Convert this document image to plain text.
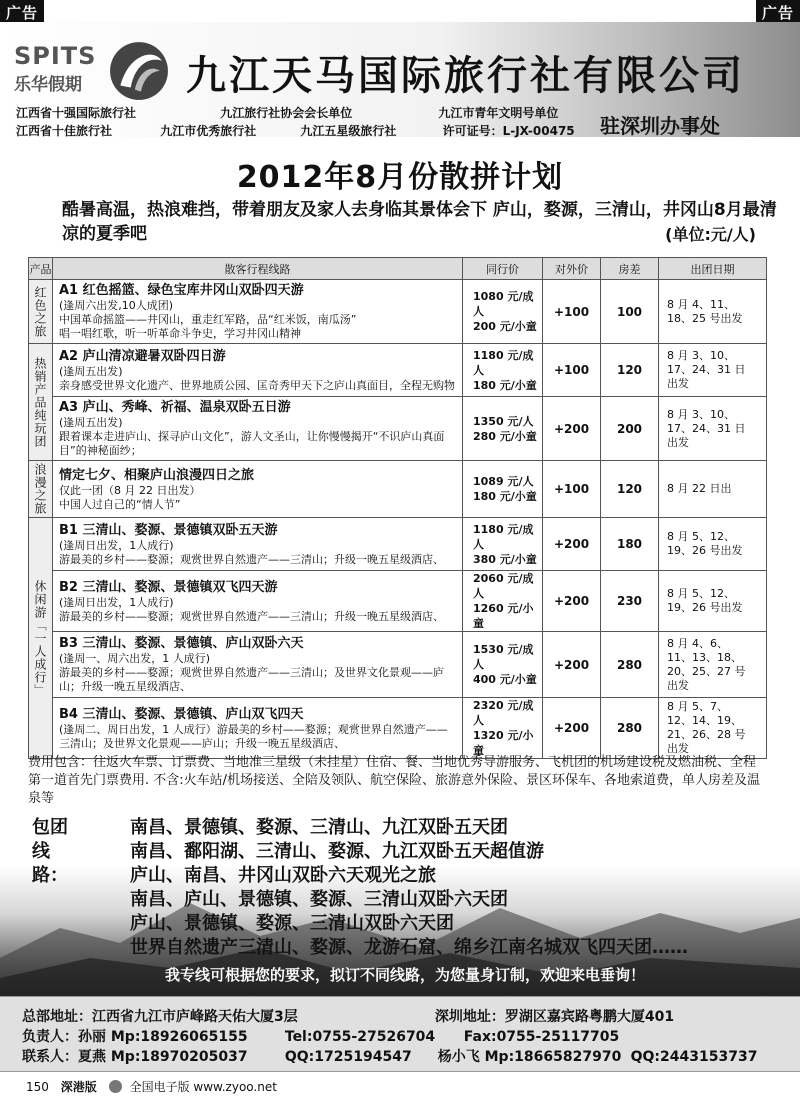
广告	广告
SPITS
乐华假期	九江天马国际旅行社有限公司
江西省十强国际旅行社	九江旅行社协会会长单位	九江市青年文明号单位
江西省十佳旅行社	九江市优秀旅行社	九江五星级旅行社	许可证号：L-JX-00475 驻深圳办事处
2012年8月份散拼计划
酷暑高温，热浪难挡，带着朋友及家人去身临其景体会下 庐山，婺源，三清山，井冈山8月最清凉的夏季吧	(单位:元/人)
产品	散客行程线路	同行价	对外价	房差	出团日期
红色之旅	A1 红色摇篮、绿色宝库井冈山双卧四天游
(逢周六出发,10人成团)
中国革命摇篮——井冈山，重走红军路，品“红米饭，南瓜汤”
唱一唱红歌，听一听革命斗争史，学习井冈山精神	1080 元/成人
200 元/小童	+100	100	8 月 4、11、
18、25 号出发
热销产品纯玩团	A2 庐山清凉避暑双卧四日游
(逢周五出发)
亲身感受世界文化遗产、世界地质公园、匡奇秀甲天下之庐山真面目，全程无购物	1180 元/成人
180 元/小童	+100	120	8 月 3、10、
17、24、31 日
出发

	A3 庐山、秀峰、祈福、温泉双卧五日游
(逢周五出发)
跟着课本走进庐山、探寻庐山文化”，游人文圣山，让你慢慢揭开“不识庐山真面目”的神秘面纱；	1350 元/人
280 元/小童	+200	200	8 月 3、10、
17、24、31 日
出发
浪漫之旅	情定七夕、相聚庐山浪漫四日之旅
仅此一团（8 月 22 日出发）
中国人过自己的“情人节”	1089 元/人
180 元/小童	+100	120	8 月 22 日出
休闲游「一人成行」	B1 三清山、婺源、景德镇双卧五天游
(逢周日出发，1人成行)
游最美的乡村——婺源；观赏世界自然遗产——三清山；升级一晚五星级酒店、	1180 元/成人
380 元/小童	+200	180	8 月 5、12、
19、26 号出发

	B2 三清山、婺源、景德镇双飞四天游
(逢周日出发，1人成行)
游最美的乡村——婺源；观赏世界自然遗产——三清山；升级一晚五星级酒店、	2060 元/成人
1260 元/小童	+200	230	8 月 5、12、
19、26 号出发

	B3 三清山、婺源、景德镇、庐山双卧六天
(逢周一、周六出发，1 人成行)
游最美的乡村——婺源；观赏世界自然遗产——三清山；及世界文化景观——庐山；升级一晚五星级酒店、	1530 元/成人
400 元/小童	+200	280	8 月 4、6、
11、13、18、
20、25、27 号
出发

	B4 三清山、婺源、景德镇、庐山双飞四天
(逢周二、周日出发，1 人成行）游最美的乡村——婺源；观赏世界自然遗产——三清山；及世界文化景观——庐山；升级一晚五星级酒店、	2320 元/成人
1320 元/小童	+200	280	8 月 5、7、
12、14、19、
21、26、28 号
出发
费用包含：往返火车票、订票费、当地准三星级（未挂星）住宿、餐、当地优秀导游服务、飞机团的机场建设税及燃油税、全程第一道首先门票费用. 不含:火车站/机场接送、全陪及领队、航空保险、旅游意外保险、景区环保车、各地索道费，单人房差及温泉等
包团线路：
南昌、景德镇、婺源、三清山、九江双卧五天团
南昌、鄱阳湖、三清山、婺源、九江双卧五天超值游
庐山、南昌、井冈山双卧六天观光之旅
南昌、庐山、景德镇、婺源、三清山双卧六天团
庐山、景德镇、婺源、三清山双卧六天团
世界自然遗产三清山、婺源、龙游石窟、绵乡江南名城双飞四天团……
我专线可根据您的要求，拟订不同线路，为您量身订制，欢迎来电垂询！
总部地址：江西省九江市庐峰路天佑大厦3层	深圳地址：罗湖区嘉宾路粤鹏大厦401
负责人：孙丽 Mp:18926065155	Tel:0755-27526704 Fax:0755-25117705
联系人：夏燕 Mp:18970205037	QQ:1725194547 杨小飞 Mp:18665827970 QQ:2443153737
150 深港版	全国电子版 www.zyoo.net
